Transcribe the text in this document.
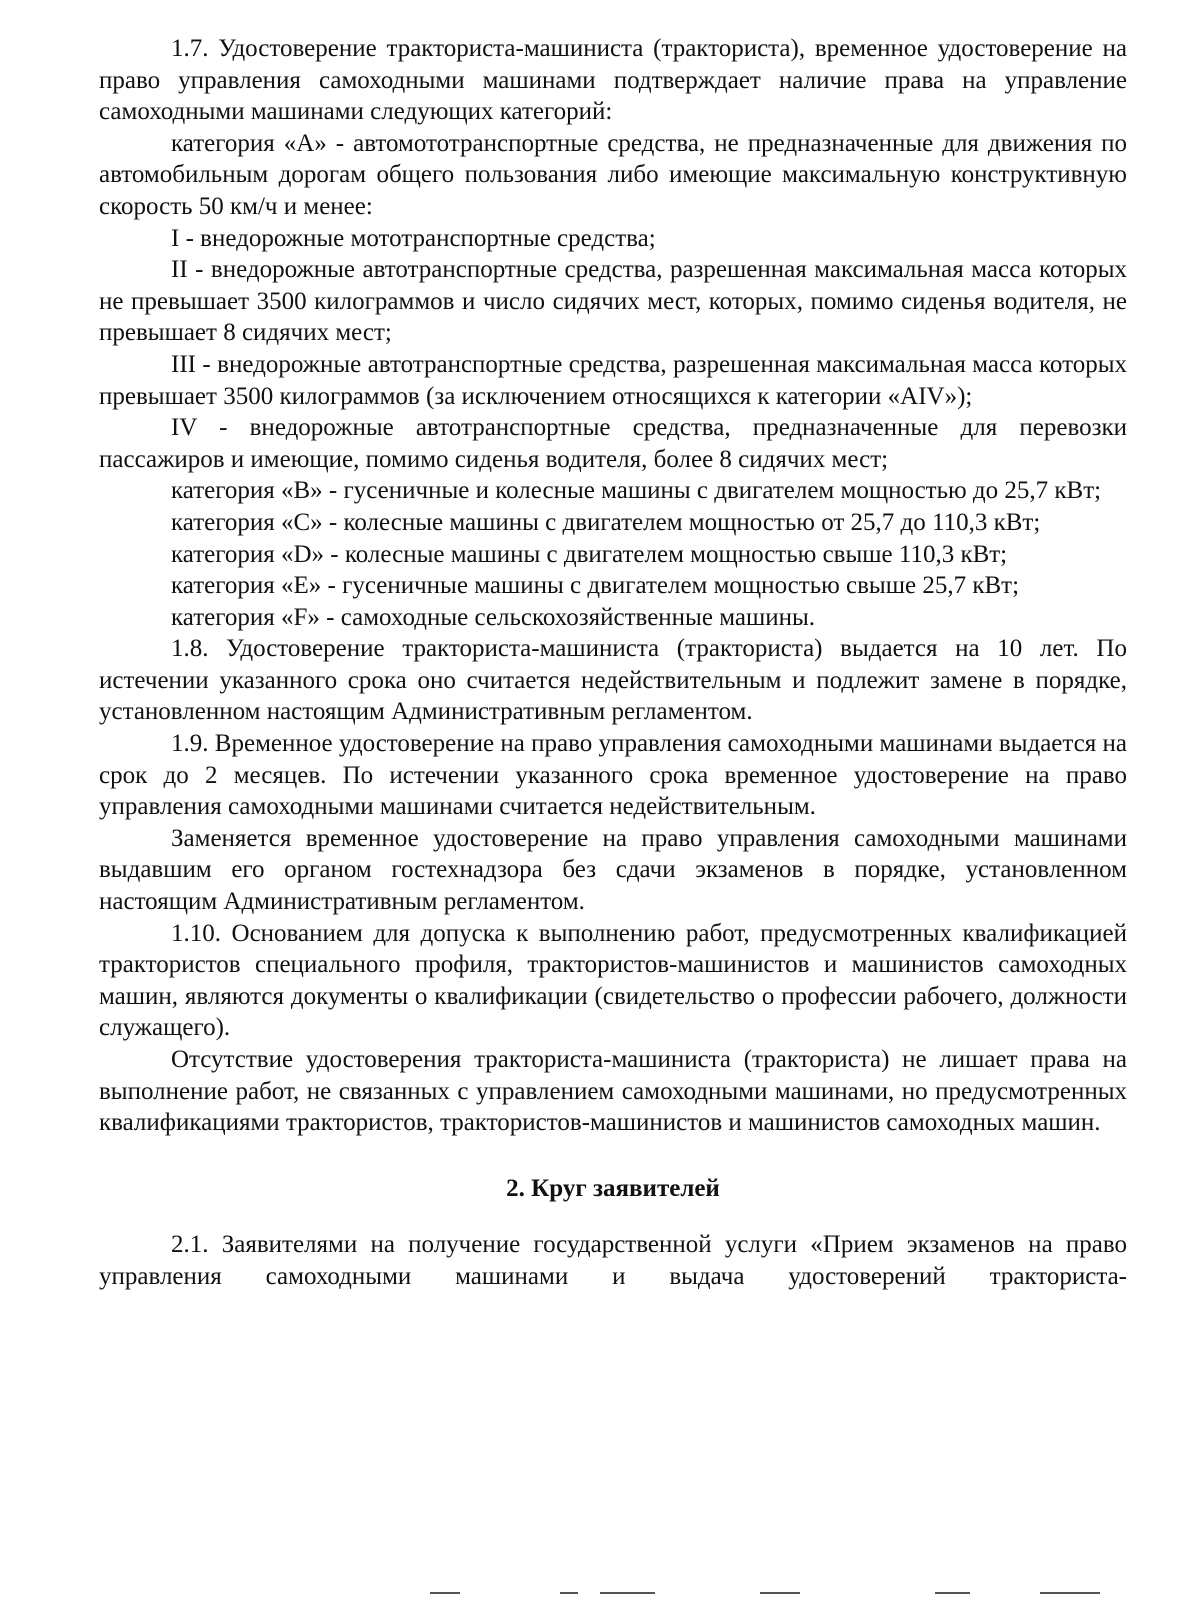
1.7. Удостоверение тракториста-машиниста (тракториста), временное удостоверение на право управления самоходными машинами подтверждает наличие права на управление самоходными машинами следующих категорий:

категория «А» - автомототранспортные средства, не предназначенные для движения по автомобильным дорогам общего пользования либо имеющие максимальную конструктивную скорость 50 км/ч и менее:

I - внедорожные мототранспортные средства;

II - внедорожные автотранспортные средства, разрешенная максимальная масса которых не превышает 3500 килограммов и число сидячих мест, которых, помимо сиденья водителя, не превышает 8 сидячих мест;

III - внедорожные автотранспортные средства, разрешенная максимальная масса которых превышает 3500 килограммов (за исключением относящихся к категории «AIV»);

IV - внедорожные автотранспортные средства, предназначенные для перевозки пассажиров и имеющие, помимо сиденья водителя, более 8 сидячих мест;

категория «В» - гусеничные и колесные машины с двигателем мощностью до 25,7 кВт;

категория «С» - колесные машины с двигателем мощностью от 25,7 до 110,3 кВт;

категория «D» - колесные машины с двигателем мощностью свыше 110,3 кВт;

категория «Е» - гусеничные машины с двигателем мощностью свыше 25,7 кВт;

категория «F» - самоходные сельскохозяйственные машины.

1.8. Удостоверение тракториста-машиниста (тракториста) выдается на 10 лет. По истечении указанного срока оно считается недействительным и подлежит замене в порядке, установленном настоящим Административным регламентом.

1.9. Временное удостоверение на право управления самоходными машинами выдается на срок до 2 месяцев. По истечении указанного срока временное удостоверение на право управления самоходными машинами считается недействительным.

Заменяется временное удостоверение на право управления самоходными машинами выдавшим его органом гостехнадзора без сдачи экзаменов в порядке, установленном настоящим Административным регламентом.

1.10. Основанием для допуска к выполнению работ, предусмотренных квалификацией трактористов специального профиля, трактористов-машинистов и машинистов самоходных машин, являются документы о квалификации (свидетельство о профессии рабочего, должности служащего).

Отсутствие удостоверения тракториста-машиниста (тракториста) не лишает права на выполнение работ, не связанных с управлением самоходными машинами, но предусмотренных квалификациями трактористов, трактористов-машинистов и машинистов самоходных машин.

2. Круг заявителей

2.1. Заявителями на получение государственной услуги «Прием экзаменов на право управления самоходными машинами и выдача удостоверений тракториста-
